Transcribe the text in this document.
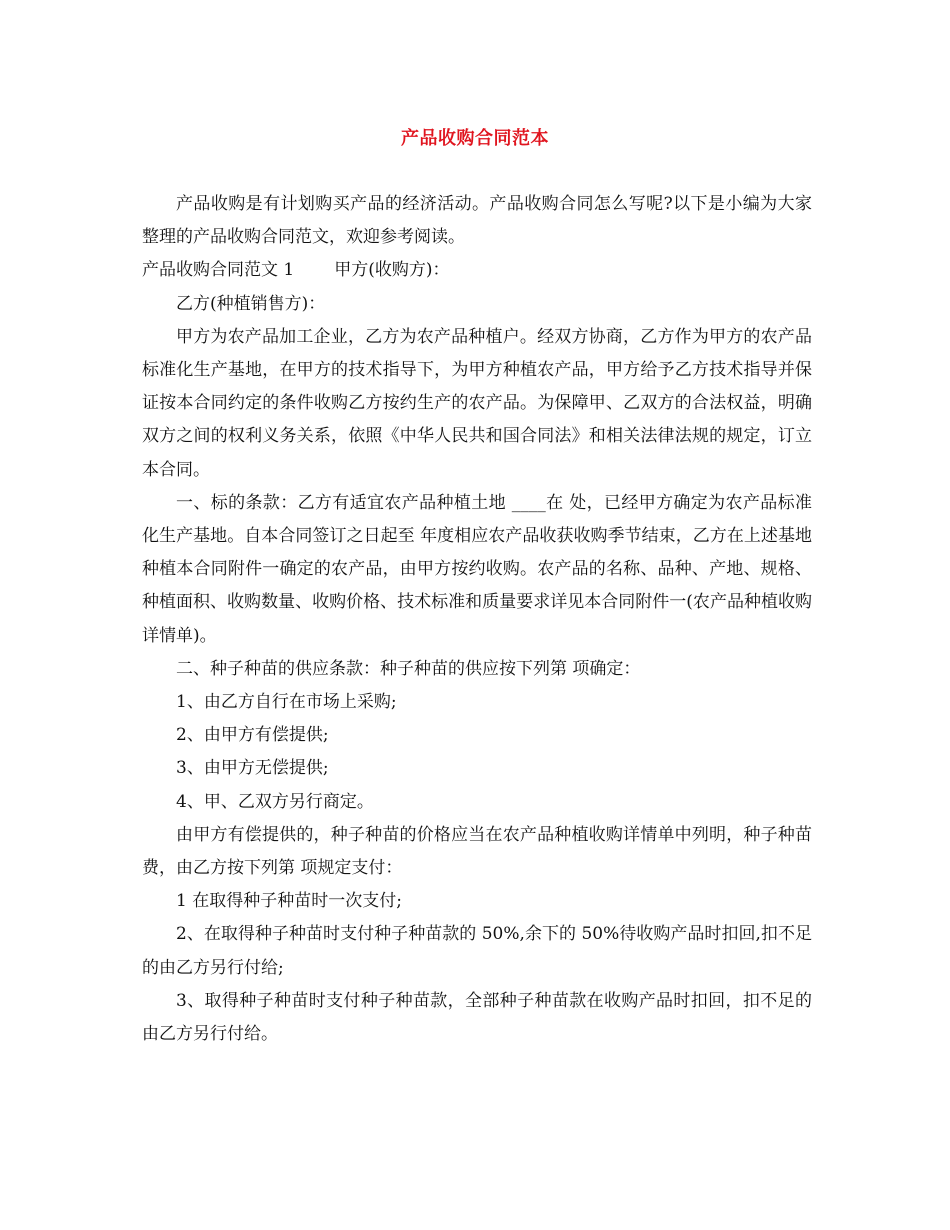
产品收购合同范本

产品收购是有计划购买产品的经济活动。产品收购合同怎么写呢?以下是小编为大家整理的产品收购合同范文，欢迎参考阅读。

产品收购合同范文 1 甲方(收购方)：

乙方(种植销售方)：

甲方为农产品加工企业，乙方为农产品种植户。经双方协商，乙方作为甲方的农产品标准化生产基地，在甲方的技术指导下，为甲方种植农产品，甲方给予乙方技术指导并保证按本合同约定的条件收购乙方按约生产的农产品。为保障甲、乙双方的合法权益，明确双方之间的权利义务关系，依照《中华人民共和国合同法》和相关法律法规的规定，订立本合同。

一、标的条款：乙方有适宜农产品种植土地 ____在 处，已经甲方确定为农产品标准化生产基地。自本合同签订之日起至 年度相应农产品收获收购季节结束，乙方在上述基地种植本合同附件一确定的农产品，由甲方按约收购。农产品的名称、品种、产地、规格、种植面积、收购数量、收购价格、技术标准和质量要求详见本合同附件一(农产品种植收购详情单)。

二、种子种苗的供应条款：种子种苗的供应按下列第 项确定：

1、由乙方自行在市场上采购;

2、由甲方有偿提供;

3、由甲方无偿提供;

4、甲、乙双方另行商定。

由甲方有偿提供的，种子种苗的价格应当在农产品种植收购详情单中列明，种子种苗费，由乙方按下列第 项规定支付：

1 在取得种子种苗时一次支付;

2、在取得种子种苗时支付种子种苗款的 50%,余下的 50%待收购产品时扣回,扣不足的由乙方另行付给;

3、取得种子种苗时支付种子种苗款，全部种子种苗款在收购产品时扣回，扣不足的由乙方另行付给。
